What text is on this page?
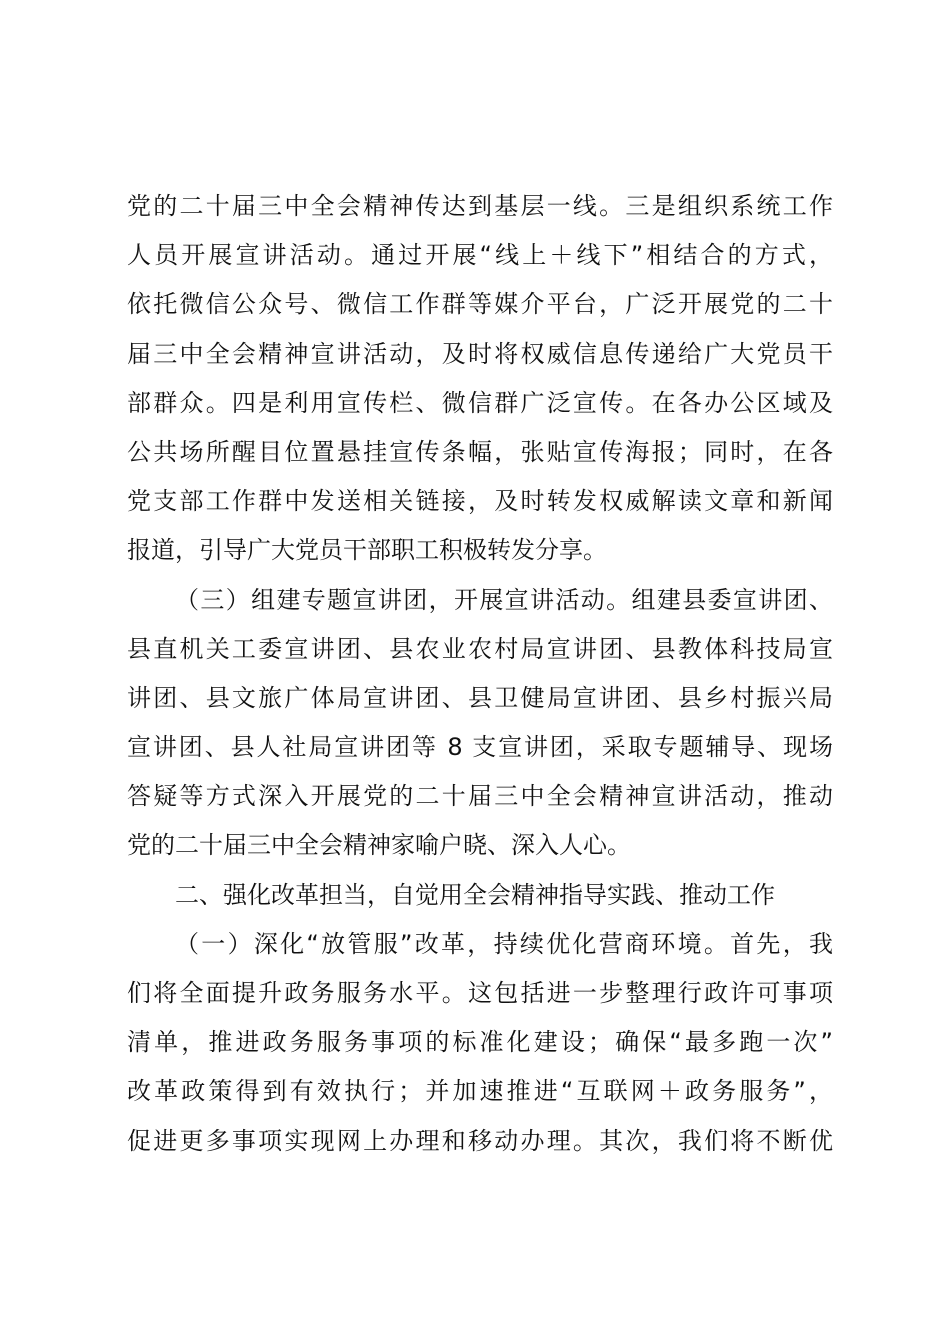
党的二十届三中全会精神传达到基层一线。三是组织系统工作
人员开展宣讲活动。通过开展“线上＋线下”相结合的方式，
依托微信公众号、微信工作群等媒介平台，广泛开展党的二十
届三中全会精神宣讲活动，及时将权威信息传递给广大党员干
部群众。四是利用宣传栏、微信群广泛宣传。在各办公区域及
公共场所醒目位置悬挂宣传条幅，张贴宣传海报；同时，在各
党支部工作群中发送相关链接，及时转发权威解读文章和新闻
报道，引导广大党员干部职工积极转发分享。
（三）组建专题宣讲团，开展宣讲活动。组建县委宣讲团、
县直机关工委宣讲团、县农业农村局宣讲团、县教体科技局宣
讲团、县文旅广体局宣讲团、县卫健局宣讲团、县乡村振兴局
宣讲团、县人社局宣讲团等 8 支宣讲团，采取专题辅导、现场
答疑等方式深入开展党的二十届三中全会精神宣讲活动，推动
党的二十届三中全会精神家喻户晓、深入人心。
二、强化改革担当，自觉用全会精神指导实践、推动工作
（一）深化“放管服”改革，持续优化营商环境。首先，我
们将全面提升政务服务水平。这包括进一步整理行政许可事项
清单，推进政务服务事项的标准化建设；确保“最多跑一次”
改革政策得到有效执行；并加速推进“互联网＋政务服务”，
促进更多事项实现网上办理和移动办理。其次，我们将不断优
